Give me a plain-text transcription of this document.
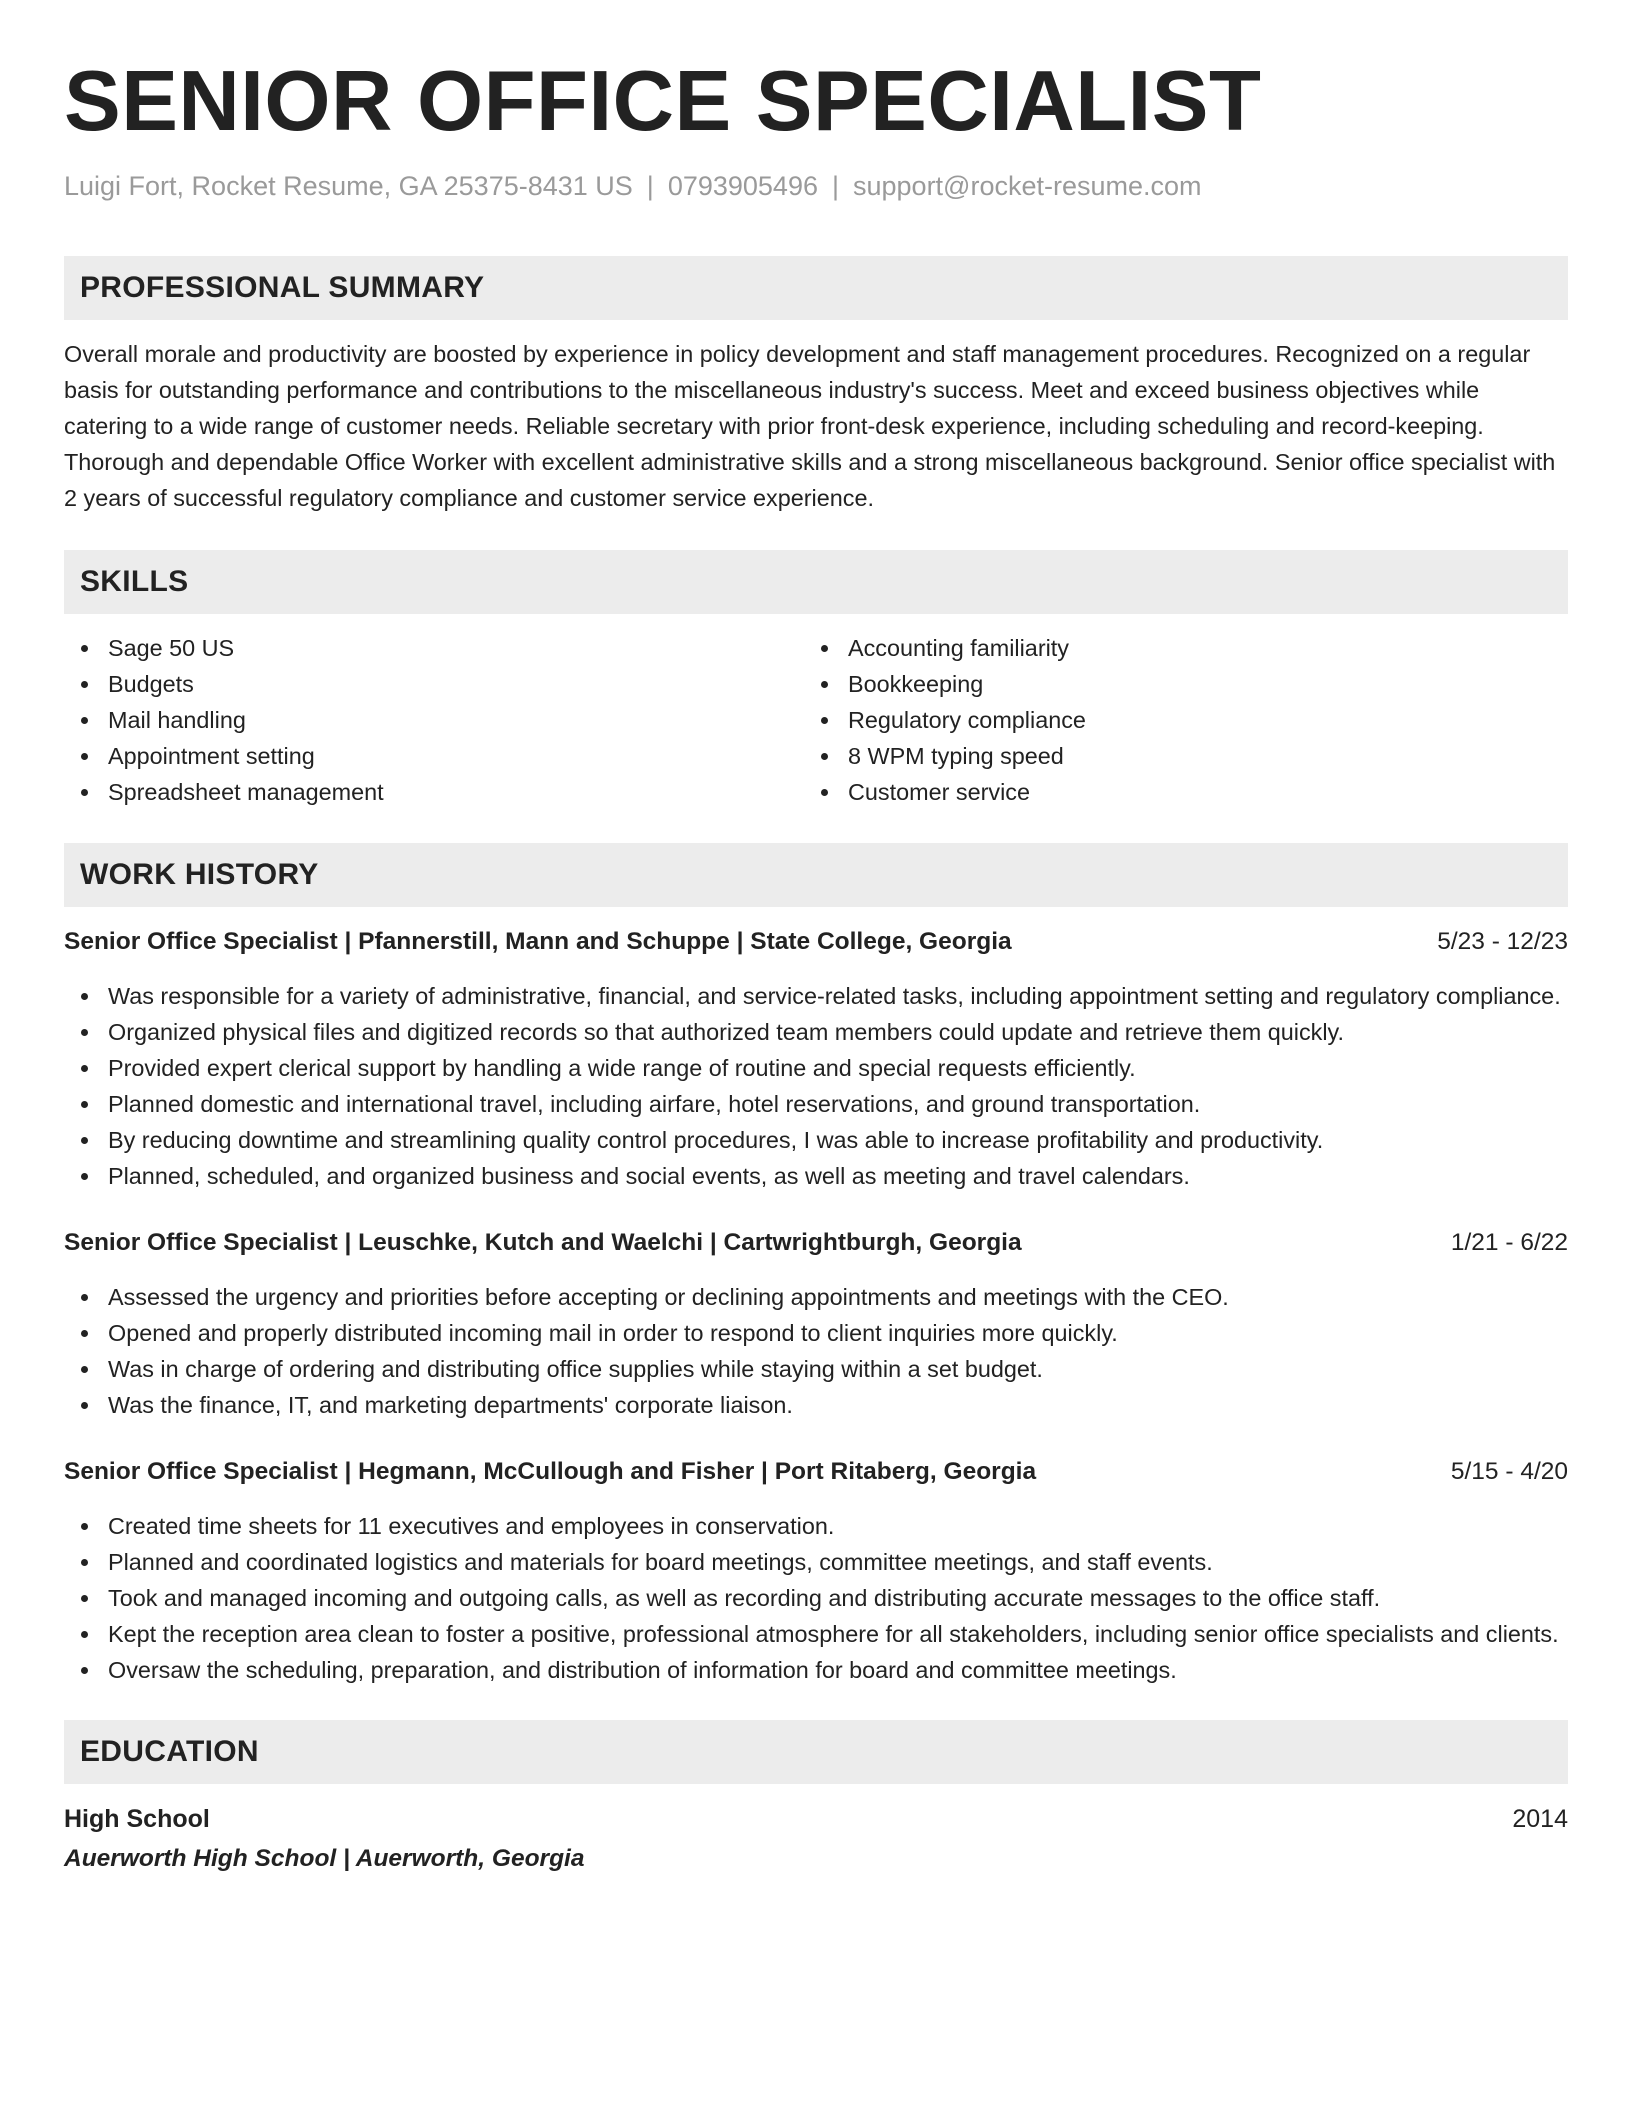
SENIOR OFFICE SPECIALIST
Luigi Fort, Rocket Resume, GA 25375-8431 US | 0793905496 | support@rocket-resume.com
PROFESSIONAL SUMMARY

Overall morale and productivity are boosted by experience in policy development and staff management procedures. Recognized on a regular basis for outstanding performance and contributions to the miscellaneous industry's success. Meet and exceed business objectives while catering to a wide range of customer needs. Reliable secretary with prior front-desk experience, including scheduling and record-keeping. Thorough and dependable Office Worker with excellent administrative skills and a strong miscellaneous background. Senior office specialist with 2 years of successful regulatory compliance and customer service experience.

SKILLS
Sage 50 US
Budgets
Mail handling
Appointment setting
Spreadsheet management
Accounting familiarity
Bookkeeping
Regulatory compliance
8 WPM typing speed
Customer service
WORK HISTORY
Senior Office Specialist | Pfannerstill, Mann and Schuppe | State College, Georgia	5/23 - 12/23
Was responsible for a variety of administrative, financial, and service-related tasks, including appointment setting and regulatory compliance.
Organized physical files and digitized records so that authorized team members could update and retrieve them quickly.
Provided expert clerical support by handling a wide range of routine and special requests efficiently.
Planned domestic and international travel, including airfare, hotel reservations, and ground transportation.
By reducing downtime and streamlining quality control procedures, I was able to increase profitability and productivity.
Planned, scheduled, and organized business and social events, as well as meeting and travel calendars.
Senior Office Specialist | Leuschke, Kutch and Waelchi | Cartwrightburgh, Georgia	1/21 - 6/22
Assessed the urgency and priorities before accepting or declining appointments and meetings with the CEO.
Opened and properly distributed incoming mail in order to respond to client inquiries more quickly.
Was in charge of ordering and distributing office supplies while staying within a set budget.
Was the finance, IT, and marketing departments' corporate liaison.
Senior Office Specialist | Hegmann, McCullough and Fisher | Port Ritaberg, Georgia	5/15 - 4/20
Created time sheets for 11 executives and employees in conservation.
Planned and coordinated logistics and materials for board meetings, committee meetings, and staff events.
Took and managed incoming and outgoing calls, as well as recording and distributing accurate messages to the office staff.
Kept the reception area clean to foster a positive, professional atmosphere for all stakeholders, including senior office specialists and clients.
Oversaw the scheduling, preparation, and distribution of information for board and committee meetings.
EDUCATION
High School	2014
Auerworth High School | Auerworth, Georgia
